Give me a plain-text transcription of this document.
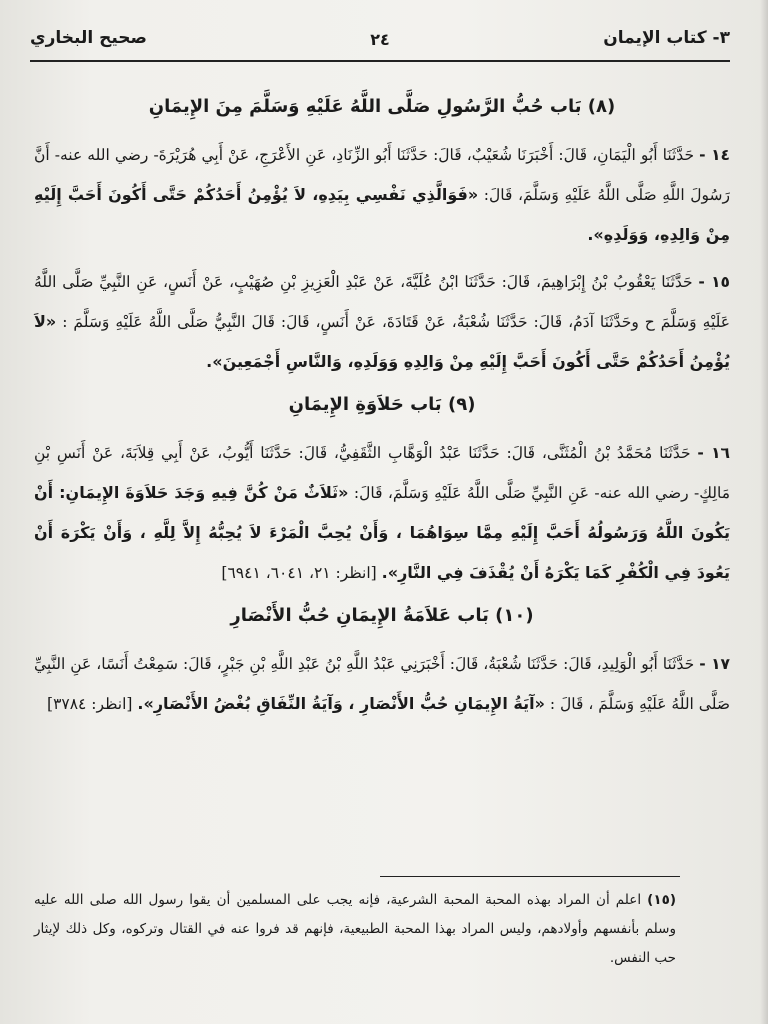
٣- كتاب الإيمان
٢٤
صحيح البخاري
(٨) بَاب حُبُّ الرَّسُولِ صَلَّى اللَّهُ عَلَيْهِ وَسَلَّمَ مِنَ الإِيمَانِ

١٤ - حَدَّثَنَا أَبُو الْيَمَانِ، قَالَ: أَخْبَرَنَا شُعَيْبٌ، قَالَ: حَدَّثَنَا أَبُو الزِّنَادِ، عَنِ الأَعْرَجِ، عَنْ أَبِي هُرَيْرَةَ- رضي الله عنه- أَنَّ رَسُولَ اللَّهِ صَلَّى اللَّهُ عَلَيْهِ وَسَلَّمَ، قَالَ: «فَوَالَّذِي نَفْسِي بِيَدِهِ، لاَ يُؤْمِنُ أَحَدُكُمْ حَتَّى أَكُونَ أَحَبَّ إِلَيْهِ مِنْ وَالِدِهِ، وَوَلَدِهِ».

١٥ - حَدَّثَنَا يَعْقُوبُ بْنُ إِبْرَاهِيمَ، قَالَ: حَدَّثَنَا ابْنُ عُلَيَّةَ، عَنْ عَبْدِ الْعَزِيزِ بْنِ صُهَيْبٍ، عَنْ أَنَسٍ، عَنِ النَّبِيِّ صَلَّى اللَّهُ عَلَيْهِ وَسَلَّمَ ح وحَدَّثَنَا آدَمُ، قَالَ: حَدَّثَنَا شُعْبَةُ، عَنْ قَتَادَةَ، عَنْ أَنَسٍ، قَالَ: قَالَ النَّبِيُّ صَلَّى اللَّهُ عَلَيْهِ وَسَلَّمَ : «لاَ يُؤْمِنُ أَحَدُكُمْ حَتَّى أَكُونَ أَحَبَّ إِلَيْهِ مِنْ وَالِدِهِ وَوَلَدِهِ، وَالنَّاسِ أَجْمَعِينَ».

(٩) بَاب حَلاَوَةِ الإِيمَانِ

١٦ - حَدَّثَنَا مُحَمَّدُ بْنُ الْمُثَنَّى، قَالَ: حَدَّثَنَا عَبْدُ الْوَهَّابِ الثَّقَفِيُّ، قَالَ: حَدَّثَنَا أَيُّوبُ، عَنْ أَبِي قِلاَبَةَ، عَنْ أَنَسِ بْنِ مَالِكٍ- رضي الله عنه- عَنِ النَّبِيِّ صَلَّى اللَّهُ عَلَيْهِ وَسَلَّمَ، قَالَ: «ثَلاَثٌ مَنْ كُنَّ فِيهِ وَجَدَ حَلاَوَةَ الإِيمَانِ: أَنْ يَكُونَ اللَّهُ وَرَسُولُهُ أَحَبَّ إِلَيْهِ مِمَّا سِوَاهُمَا ، وَأَنْ يُحِبَّ الْمَرْءَ لاَ يُحِبُّهُ إِلاَّ لِلَّهِ ، وَأَنْ يَكْرَهَ أَنْ يَعُودَ فِي الْكُفْرِ كَمَا يَكْرَهُ أَنْ يُقْذَفَ فِي النَّارِ». [انظر: ٢١، ٦٠٤١، ٦٩٤١]

(١٠) بَاب عَلاَمَةُ الإِيمَانِ حُبُّ الأَنْصَارِ

١٧ - حَدَّثَنَا أَبُو الْوَلِيدِ، قَالَ: حَدَّثَنَا شُعْبَةُ، قَالَ: أَخْبَرَنِي عَبْدُ اللَّهِ بْنُ عَبْدِ اللَّهِ بْنِ جَبْرٍ، قَالَ: سَمِعْتُ أَنَسًا، عَنِ النَّبِيِّ صَلَّى اللَّهُ عَلَيْهِ وَسَلَّمَ ، قَالَ : «آيَةُ الإِيمَانِ حُبُّ الأَنْصَارِ ، وَآيَةُ النِّفَاقِ بُغْضُ الأَنْصَارِ». [انظر: ٣٧٨٤]

(١٥) اعلم أن المراد بهذه المحبة المحبة الشرعية، فإنه يجب على المسلمين أن يقوا رسول الله صلى الله عليه وسلم بأنفسهم وأولادهم، وليس المراد بهذا المحبة الطبيعية، فإنهم قد فروا عنه في القتال وتركوه، وكل ذلك لإيثار حب النفس.
